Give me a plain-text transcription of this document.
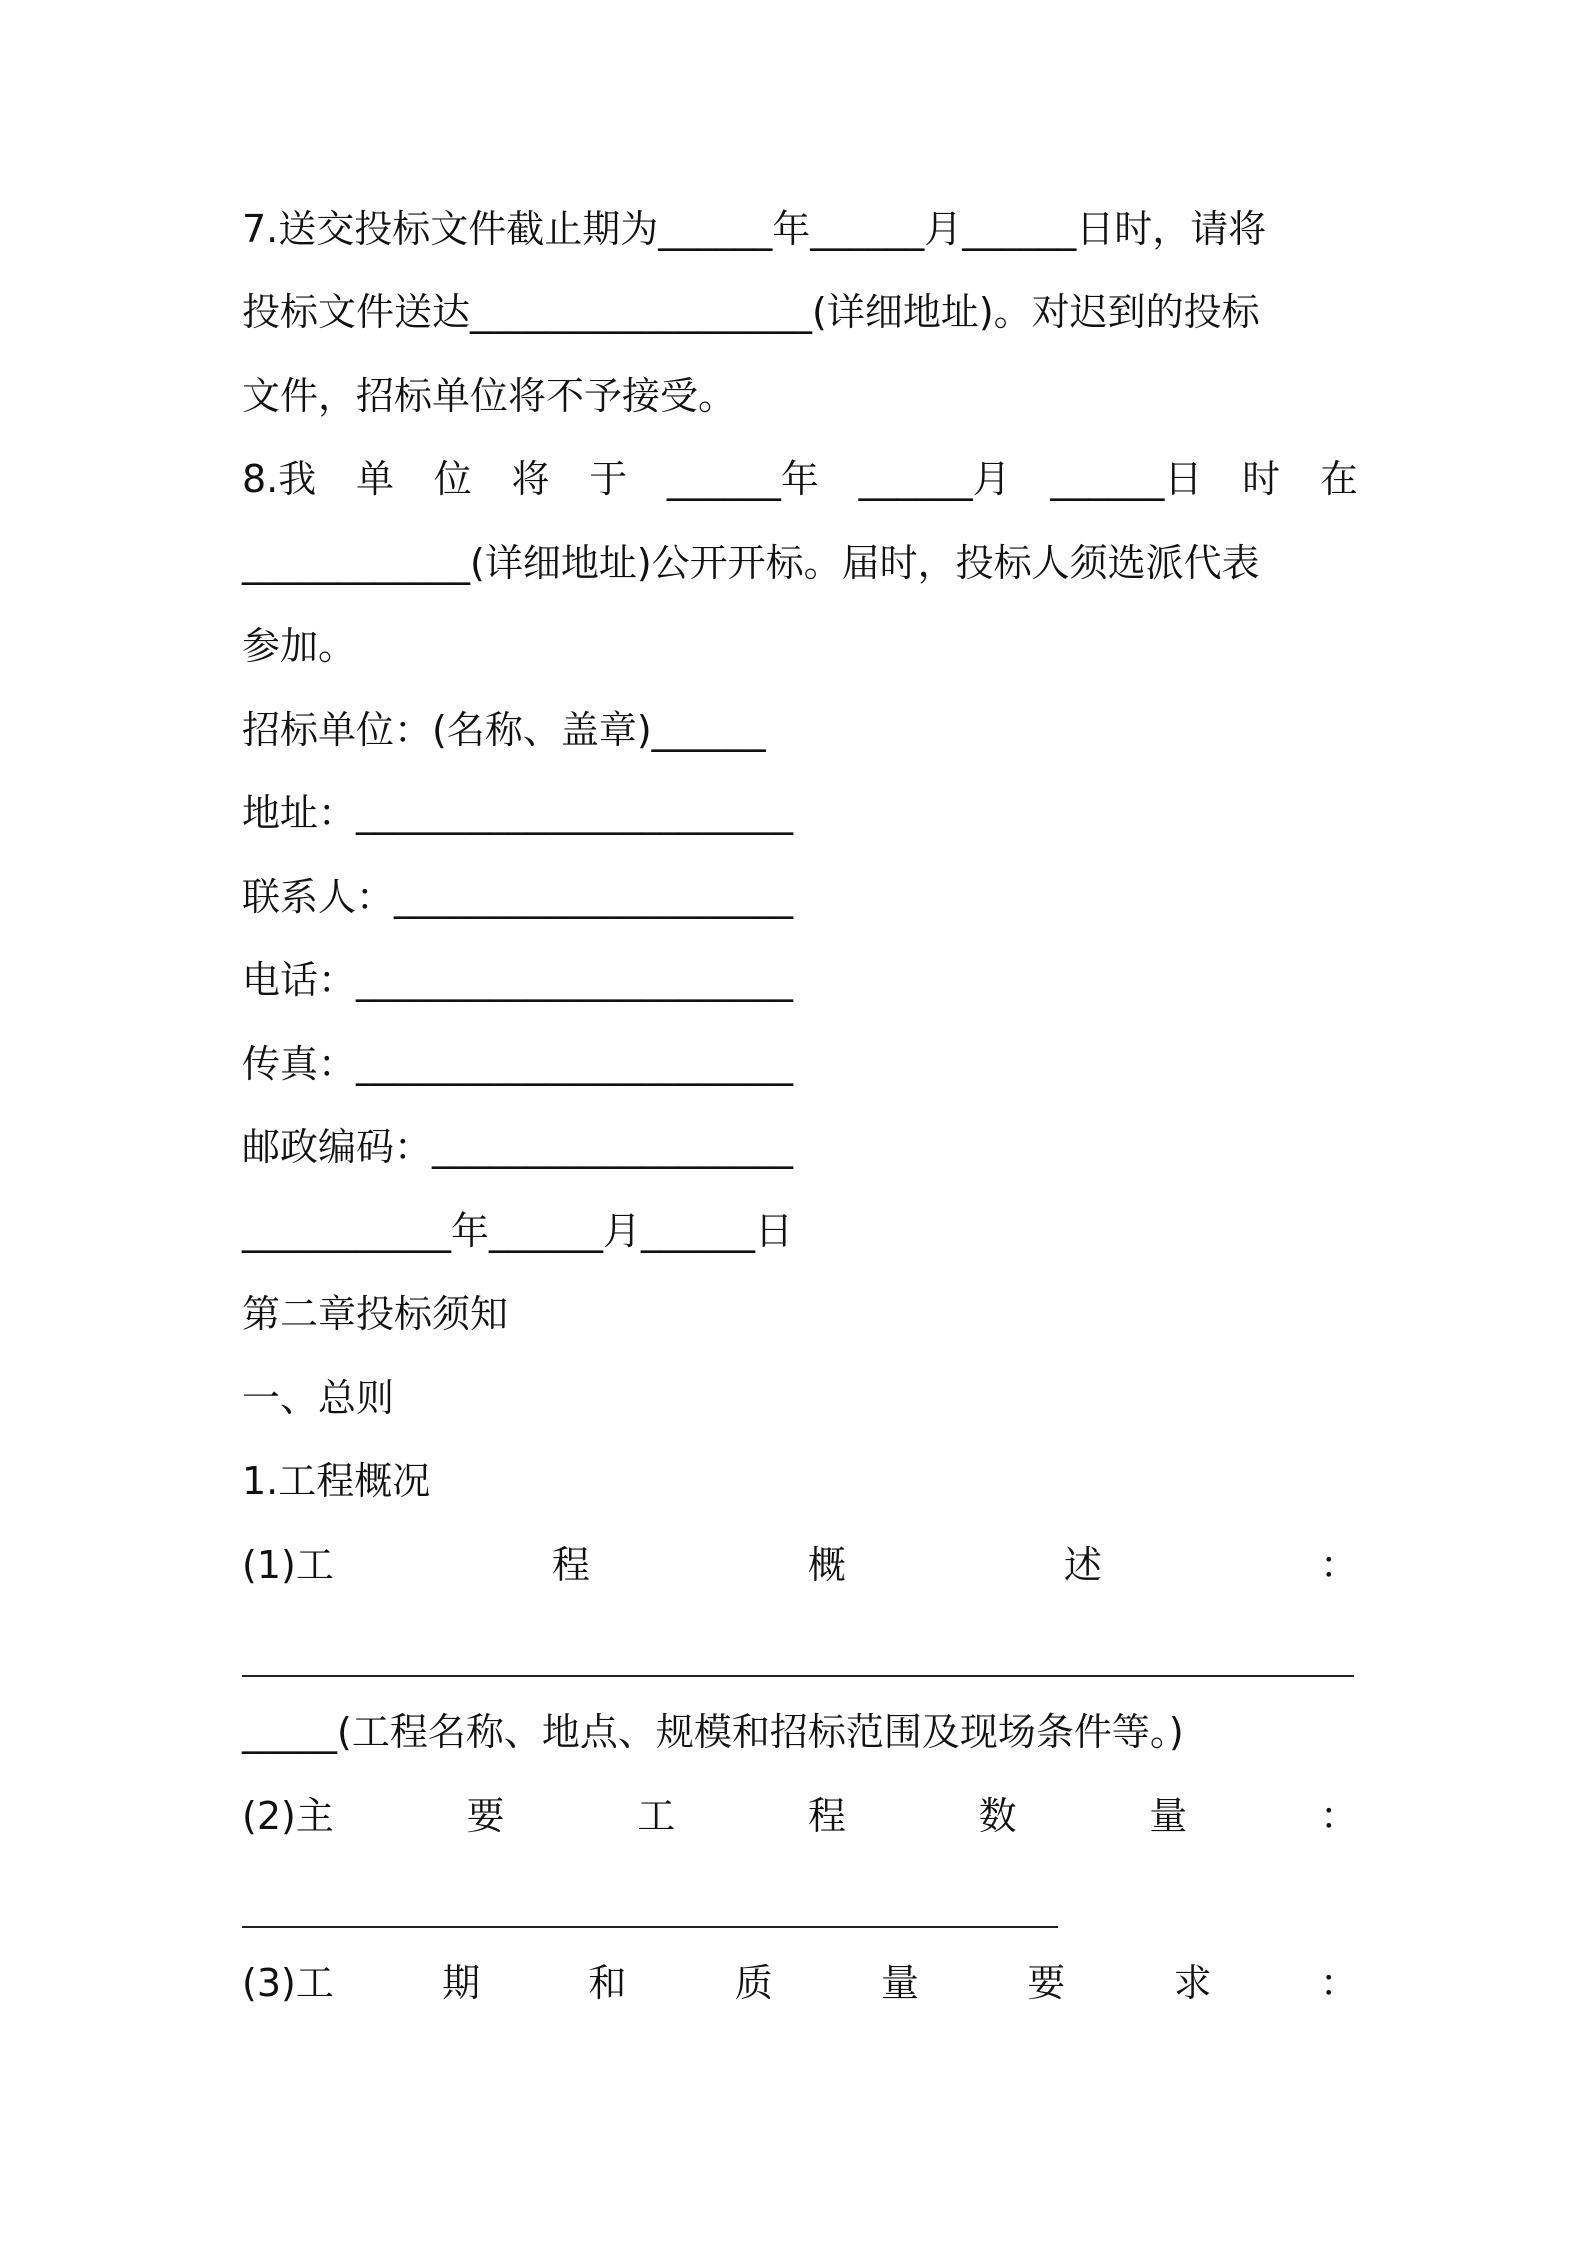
7.送交投标文件截止期为______年______月______日时，请将
投标文件送达__________________(详细地址)。对迟到的投标
文件，招标单位将不予接受。
8.我 单 位 将 于 ______年 ______月 ______日 时 在
____________(详细地址)公开开标。届时，投标人须选派代表
参加。
招标单位：(名称、盖章)______
地址：_______________________
联系人：_____________________
电话：_______________________
传真：_______________________
邮政编码：___________________
___________年______月______日
第二章投标须知
一、总则
1.工程概况
(1)工	程	概	述	：
_____(工程名称、地点、规模和招标范围及现场条件等。)
(2)主	要	工	程	数	量	：
(3)工	期	和	质	量	要	求	：
